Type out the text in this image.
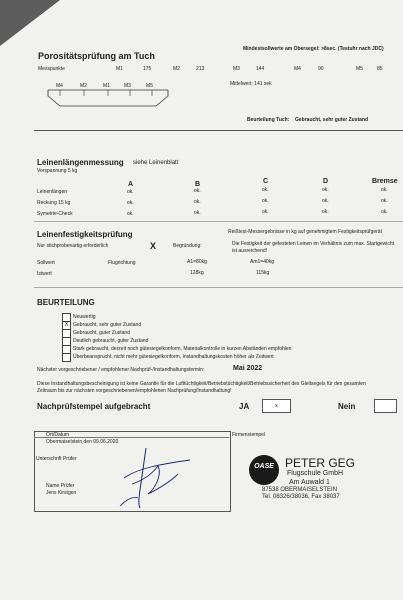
Porositätsprüfung am Tuch
Mindestsollwerte am Obersegel: >8sec. (Testuhr nach JDC)
Messpunkte	M1	175	M2	213	M3	144	M4	90	M5	85
M4	M2	M1	M3	M5	Mittelwert: 141 sek
Beurteilung Tuch: Gebraucht, sehr guter Zustand
Leinenlängenmessung siehe Leinenblatt
Vorspannung 5 kg
A	B	C	D	Bremse
Leinenlängen	ok.	ok.	ok.	ok.	ok.
Reckung 15 kg	ok.	ok.	ok.	ok.	ok.
Symetrie-Check	ok.	ok.	ok.	ok.	ok.
Leinenfestigkeitsprüfung	Reißtest-Messergebnisse in kg auf genehmigtem Festigkeitsprüfgerät
Nur stichprobenartig erforderlich	X	Begründung:	Die Festigkeit der getesteten Leinen im Verhältnis zum max. Startgewicht
ist ausreichend!
Sollwert	Flugrichtung	A1=80kg	Am1=40kg
Istwert	128kg	115kg
BEURTEILUNG
Neuwertig
X Gebraucht, sehr guter Zustand
Gebraucht, guter Zustand
Deutlich gebraucht, guter Zustand
Stark gebraucht, derzeit noch gütesiegelkonform, Materialkontrolle in kurzen Abständen empfohlen
Überbeansprucht, nicht mehr gütesiegelkonform, Instandhaltungskosten höher als Zeitwert
Nächster vorgeschriebener / empfohlener Nachprüf-/Instandhaltungstermin:	Mai 2022
Diese Instandhaltungsbescheinigung ist keine Garantie für die Lufttüchtigkeit/Betriebstüchtigkeit/Betriebssicherheit des Gleitsegels für den gesamten
Zeitraum bis zur nächsten vorgeschriebenen/empfohlenen Nachprüfung/Instandhaltung!
Nachprüfstempel aufgebracht	JA	x	Nein
Ort/Datum
Obermaiselstein,den 09.06.2020
Firmenstempel
Unterschrift Prüfer
Name Prüfer
Jens Kirstgen
OASE PETER GEG
Flugschule GmbH
Am Auwald 1
87538 OBERMAISELSTEIN
Tel. 08326/38036, Fax 38037
